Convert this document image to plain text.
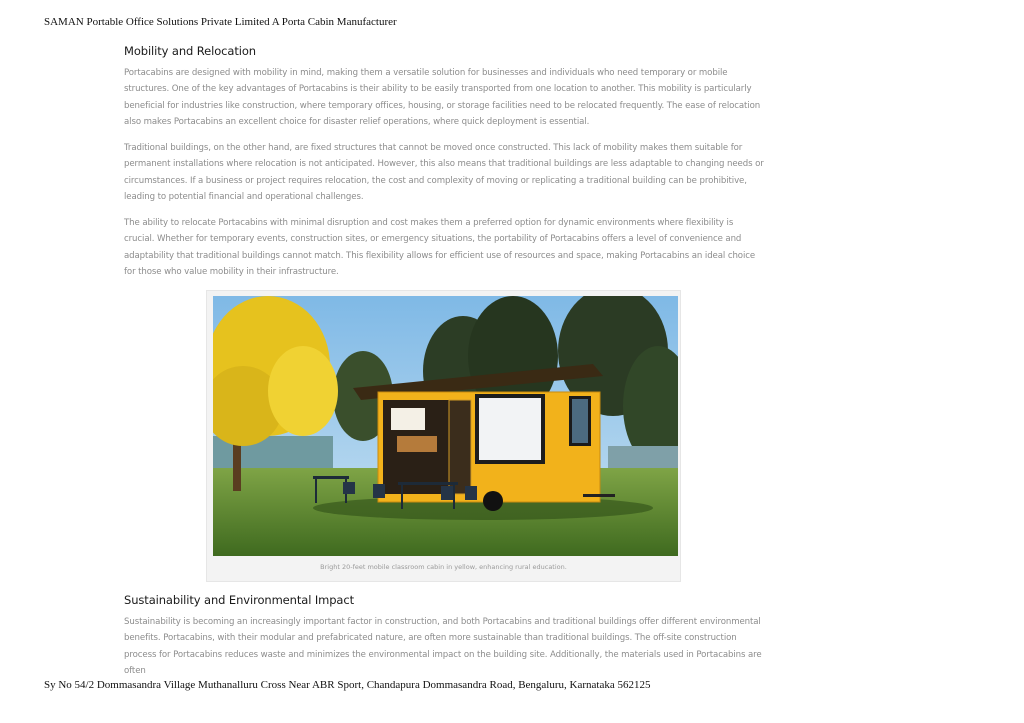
SAMAN Portable Office Solutions Private Limited A Porta Cabin Manufacturer
Mobility and Relocation

Portacabins are designed with mobility in mind, making them a versatile solution for businesses and individuals who need temporary or mobile structures. One of the key advantages of Portacabins is their ability to be easily transported from one location to another. This mobility is particularly beneficial for industries like construction, where temporary offices, housing, or storage facilities need to be relocated frequently. The ease of relocation also makes Portacabins an excellent choice for disaster relief operations, where quick deployment is essential.

Traditional buildings, on the other hand, are fixed structures that cannot be moved once constructed. This lack of mobility makes them suitable for permanent installations where relocation is not anticipated. However, this also means that traditional buildings are less adaptable to changing needs or circumstances. If a business or project requires relocation, the cost and complexity of moving or replicating a traditional building can be prohibitive, leading to potential financial and operational challenges.

The ability to relocate Portacabins with minimal disruption and cost makes them a preferred option for dynamic environments where flexibility is crucial. Whether for temporary events, construction sites, or emergency situations, the portability of Portacabins offers a level of convenience and adaptability that traditional buildings cannot match. This flexibility allows for efficient use of resources and space, making Portacabins an ideal choice for those who value mobility in their infrastructure.

Bright 20-feet mobile classroom cabin in yellow, enhancing rural education.
Sustainability and Environmental Impact

Sustainability is becoming an increasingly important factor in construction, and both Portacabins and traditional buildings offer different environmental benefits. Portacabins, with their modular and prefabricated nature, are often more sustainable than traditional buildings. The off-site construction process for Portacabins reduces waste and minimizes the environmental impact on the building site. Additionally, the materials used in Portacabins are often

Sy No 54/2 Dommasandra Village Muthanalluru Cross Near ABR Sport, Chandapura Dommasandra Road, Bengaluru, Karnataka 562125
